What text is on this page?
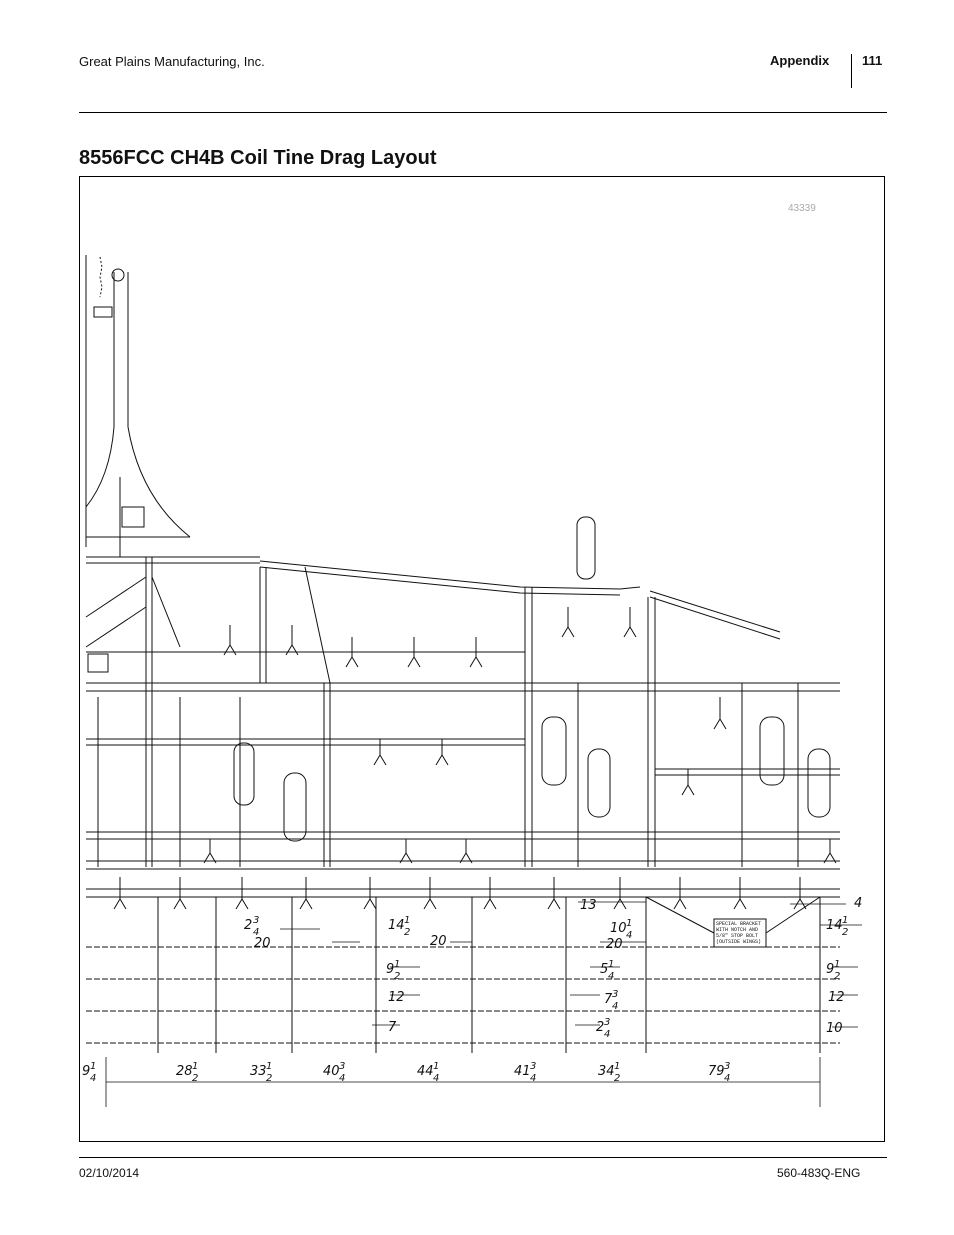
Great Plains Manufacturing, Inc.	Appendix	111
8556FCC CH4B Coil Tine Drag Layout
43339
SPECIAL BRACKET
WITH NOTCH AND
5/8" STOP BOLT
(OUTSIDE WINGS)
13	4
20	20	20
12	12
7	10
2 3
4	14 1
2	10 1
4
14 1
2
9 1
2	5 1
4	9 1
2
7 3
4
2 3
4
9 1
4	28 1
2	33 1
2	40 3
4	44 1
4	41 3
4	34 1
2	79 3
4
02/10/2014	560-483Q-ENG
